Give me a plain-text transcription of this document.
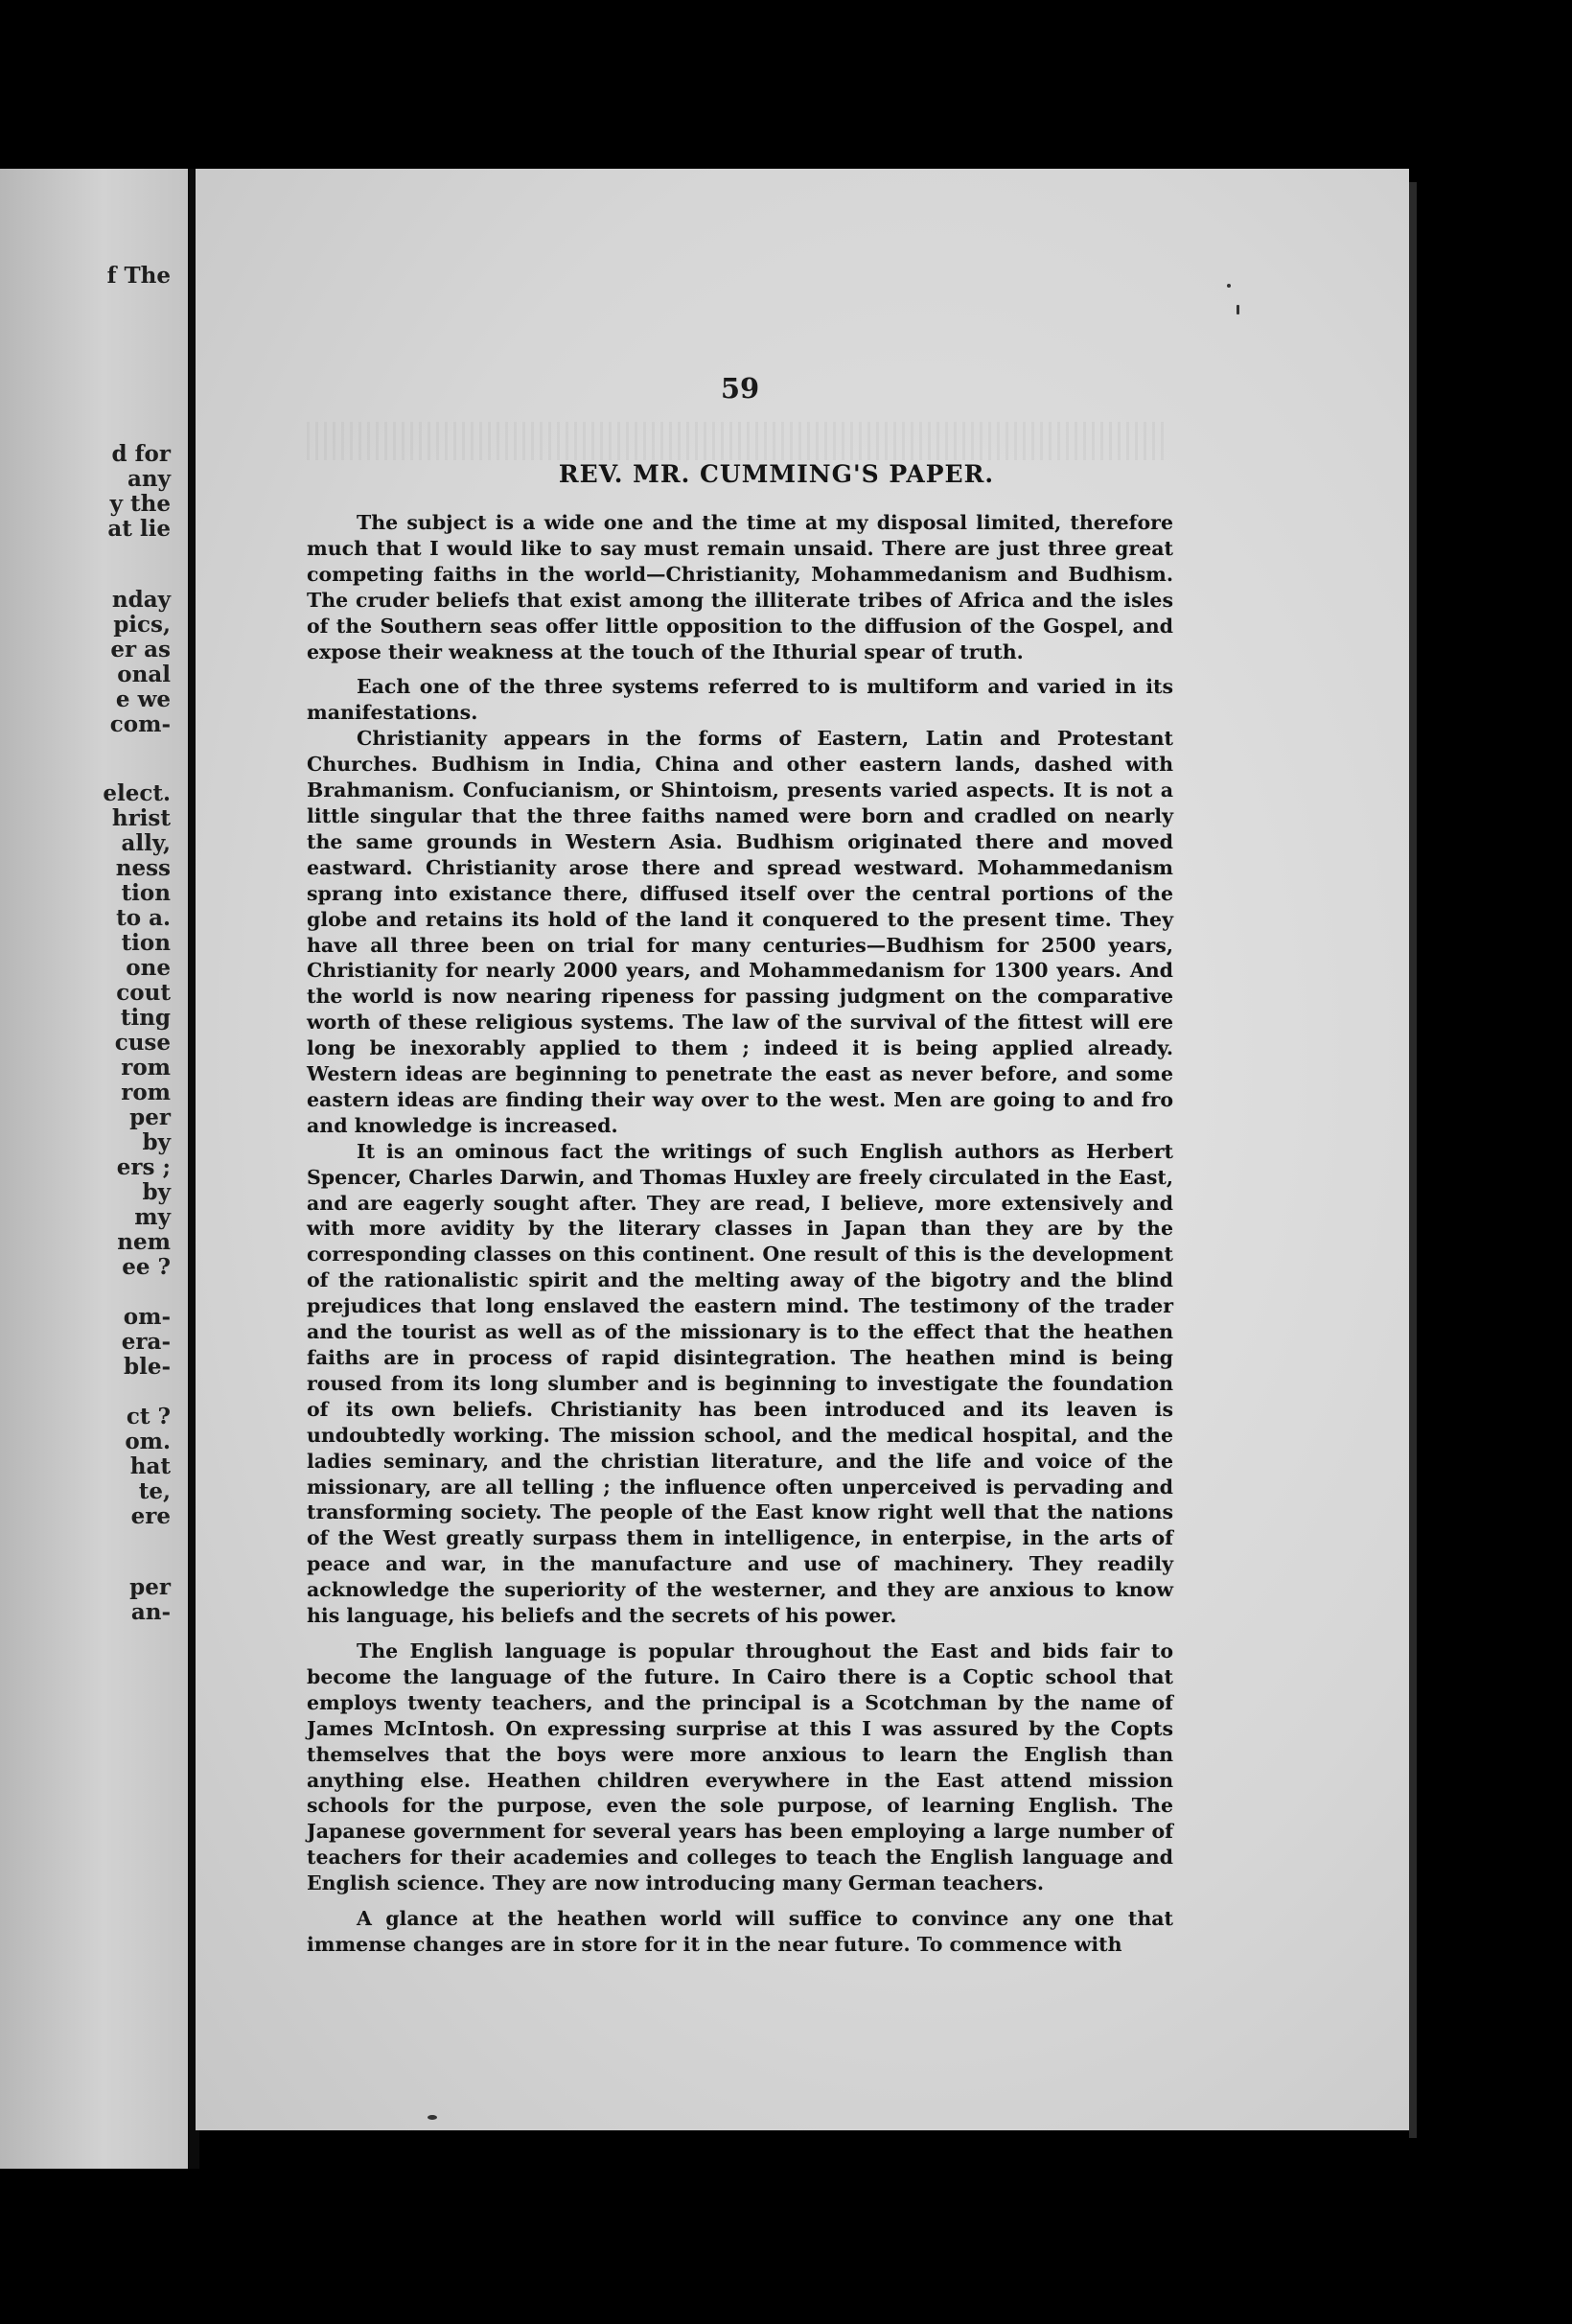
f The

d for

any

y the

at lie

nday

pics,

er as

onal

e we

com-

elect.

hrist

ally,

ness

tion

to a.

tion

one

cout

ting

cuse

rom

rom

per

by

ers ;

by

my

nem

ee ?

om-

era-

ble-

ct ?

om.

hat

te,

ere

per

an-

59

REV. MR. CUMMING'S PAPER.

The subject is a wide one and the time at my disposal limited, therefore much that I would like to say must remain unsaid. There are just three great competing faiths in the world—Christianity, Mohammedanism and Budhism. The cruder beliefs that exist among the illiterate tribes of Africa and the isles of the Southern seas offer little opposition to the diffusion of the Gospel, and expose their weakness at the touch of the Ithurial spear of truth.

Each one of the three systems referred to is multiform and varied in its manifestations.

Christianity appears in the forms of Eastern, Latin and Protestant Churches. Budhism in India, China and other eastern lands, dashed with Brahmanism. Confucianism, or Shintoism, presents varied aspects. It is not a little singular that the three faiths named were born and cradled on nearly the same grounds in Western Asia. Budhism originated there and moved eastward. Christianity arose there and spread westward. Mohammedanism sprang into existance there, diffused itself over the central portions of the globe and retains its hold of the land it conquered to the present time. They have all three been on trial for many centuries—Budhism for 2500 years, Christianity for nearly 2000 years, and Mohammedanism for 1300 years. And the world is now nearing ripeness for passing judgment on the comparative worth of these religious systems. The law of the survival of the fittest will ere long be inexorably applied to them ; indeed it is being applied already. Western ideas are beginning to penetrate the east as never before, and some eastern ideas are finding their way over to the west. Men are going to and fro and knowledge is increased.

It is an ominous fact the writings of such English authors as Herbert Spencer, Charles Darwin, and Thomas Huxley are freely circulated in the East, and are eagerly sought after. They are read, I believe, more extensively and with more avidity by the literary classes in Japan than they are by the corresponding classes on this continent. One result of this is the development of the rationalistic spirit and the melting away of the bigotry and the blind prejudices that long enslaved the eastern mind. The testimony of the trader and the tourist as well as of the missionary is to the effect that the heathen faiths are in process of rapid disintegration. The heathen mind is being roused from its long slumber and is beginning to investigate the foundation of its own beliefs. Christianity has been introduced and its leaven is undoubtedly working. The mission school, and the medical hospital, and the ladies seminary, and the christian literature, and the life and voice of the missionary, are all telling ; the influence often unperceived is pervading and transforming society. The people of the East know right well that the nations of the West greatly surpass them in intelligence, in enterpise, in the arts of peace and war, in the manufacture and use of machinery. They readily acknowledge the superiority of the westerner, and they are anxious to know his language, his beliefs and the secrets of his power.

The English language is popular throughout the East and bids fair to become the language of the future. In Cairo there is a Coptic school that employs twenty teachers, and the principal is a Scotchman by the name of James McIntosh. On expressing surprise at this I was assured by the Copts themselves that the boys were more anxious to learn the English than anything else. Heathen children everywhere in the East attend mission schools for the purpose, even the sole purpose, of learning English. The Japanese government for several years has been employing a large number of teachers for their academies and colleges to teach the English language and English science. They are now introducing many German teachers.

A glance at the heathen world will suffice to convince any one that immense changes are in store for it in the near future. To commence with
